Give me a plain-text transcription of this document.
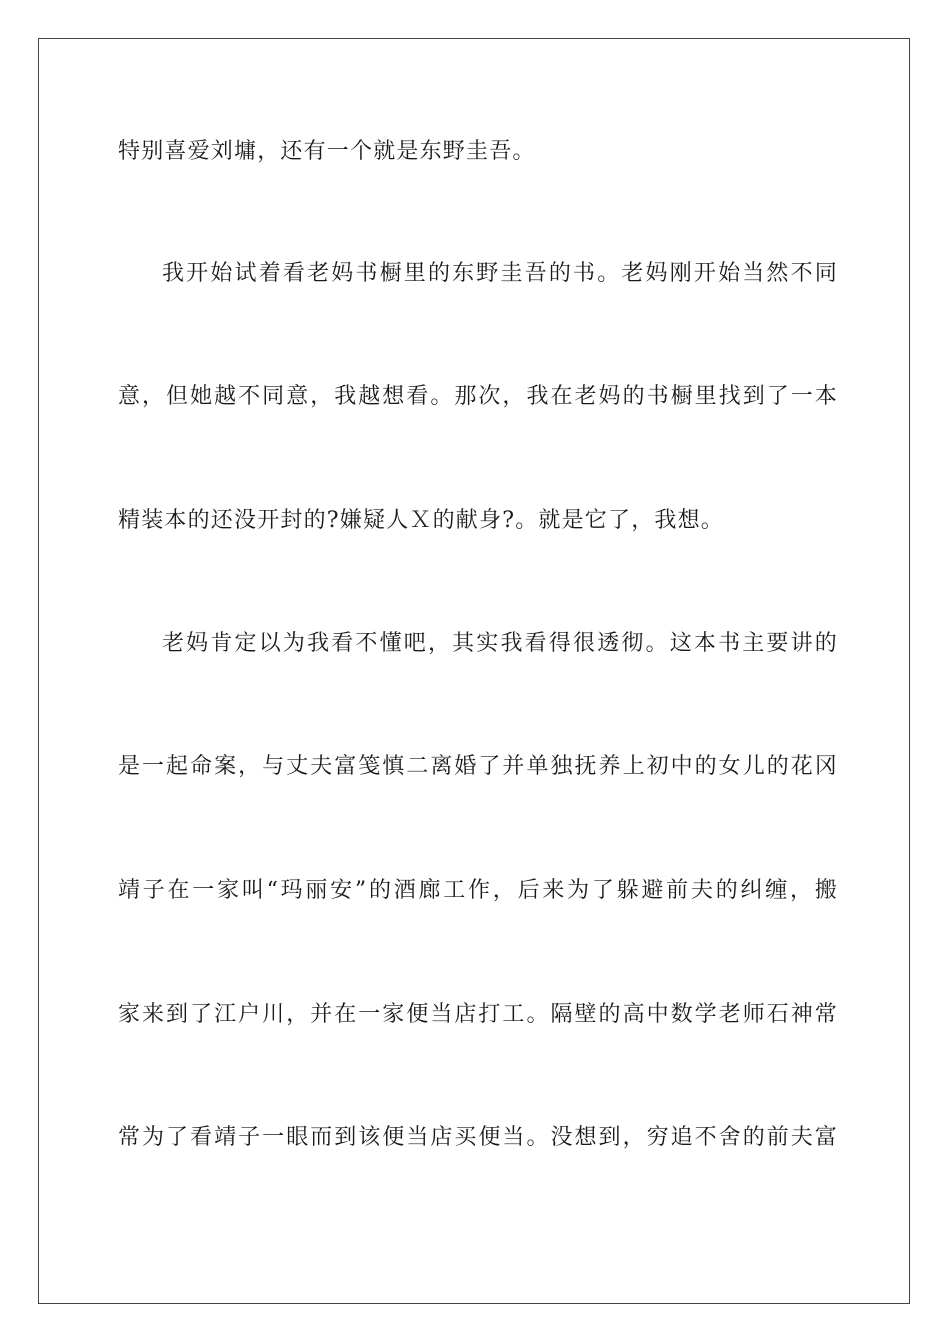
特别喜爱刘墉，还有一个就是东野圭吾。

我开始试着看老妈书橱里的东野圭吾的书。老妈刚开始当然不同

意，但她越不同意，我越想看。那次，我在老妈的书橱里找到了一本

精装本的还没开封的?嫌疑人Ｘ的献身?。就是它了，我想。

老妈肯定以为我看不懂吧，其实我看得很透彻。这本书主要讲的

是一起命案，与丈夫富笺慎二离婚了并单独抚养上初中的女儿的花冈

靖子在一家叫“玛丽安”的酒廊工作，后来为了躲避前夫的纠缠，搬

家来到了江户川，并在一家便当店打工。隔壁的高中数学老师石神常

常为了看靖子一眼而到该便当店买便当。没想到，穷追不舍的前夫富
